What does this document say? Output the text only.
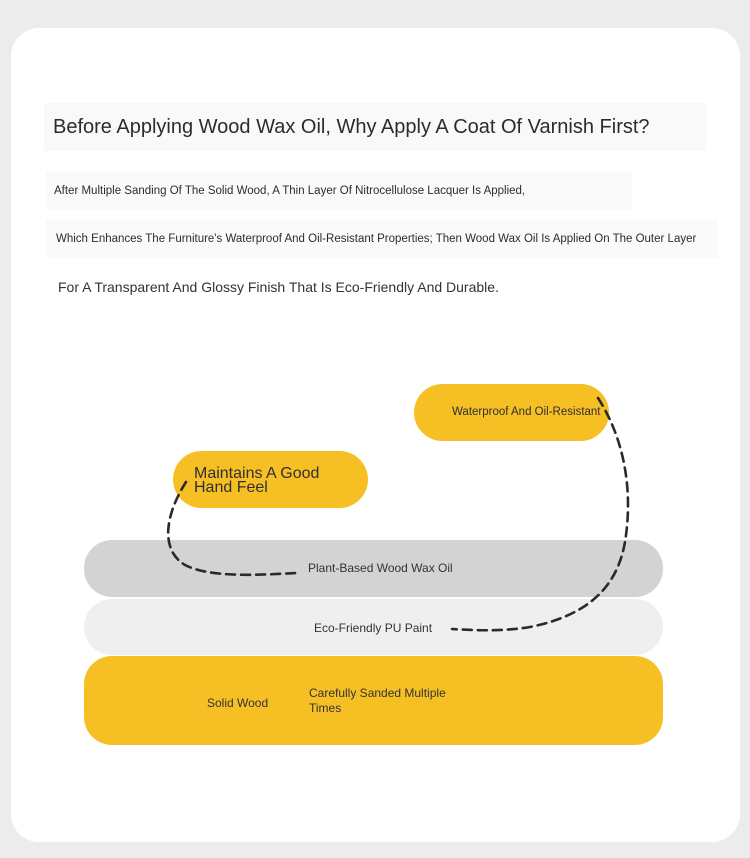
Before Applying Wood Wax Oil, Why Apply A Coat Of Varnish First?
After Multiple Sanding Of The Solid Wood, A Thin Layer Of Nitrocellulose Lacquer Is Applied,
Which Enhances The Furniture's Waterproof And Oil-Resistant Properties; Then Wood Wax Oil Is Applied On The Outer Layer
For A Transparent And Glossy Finish That Is Eco-Friendly And Durable.
Plant-Based Wood Wax Oil
Eco-Friendly PU Paint
Solid Wood
Carefully Sanded Multiple Times
Maintains A Good Hand Feel
Waterproof And Oil-Resistant
